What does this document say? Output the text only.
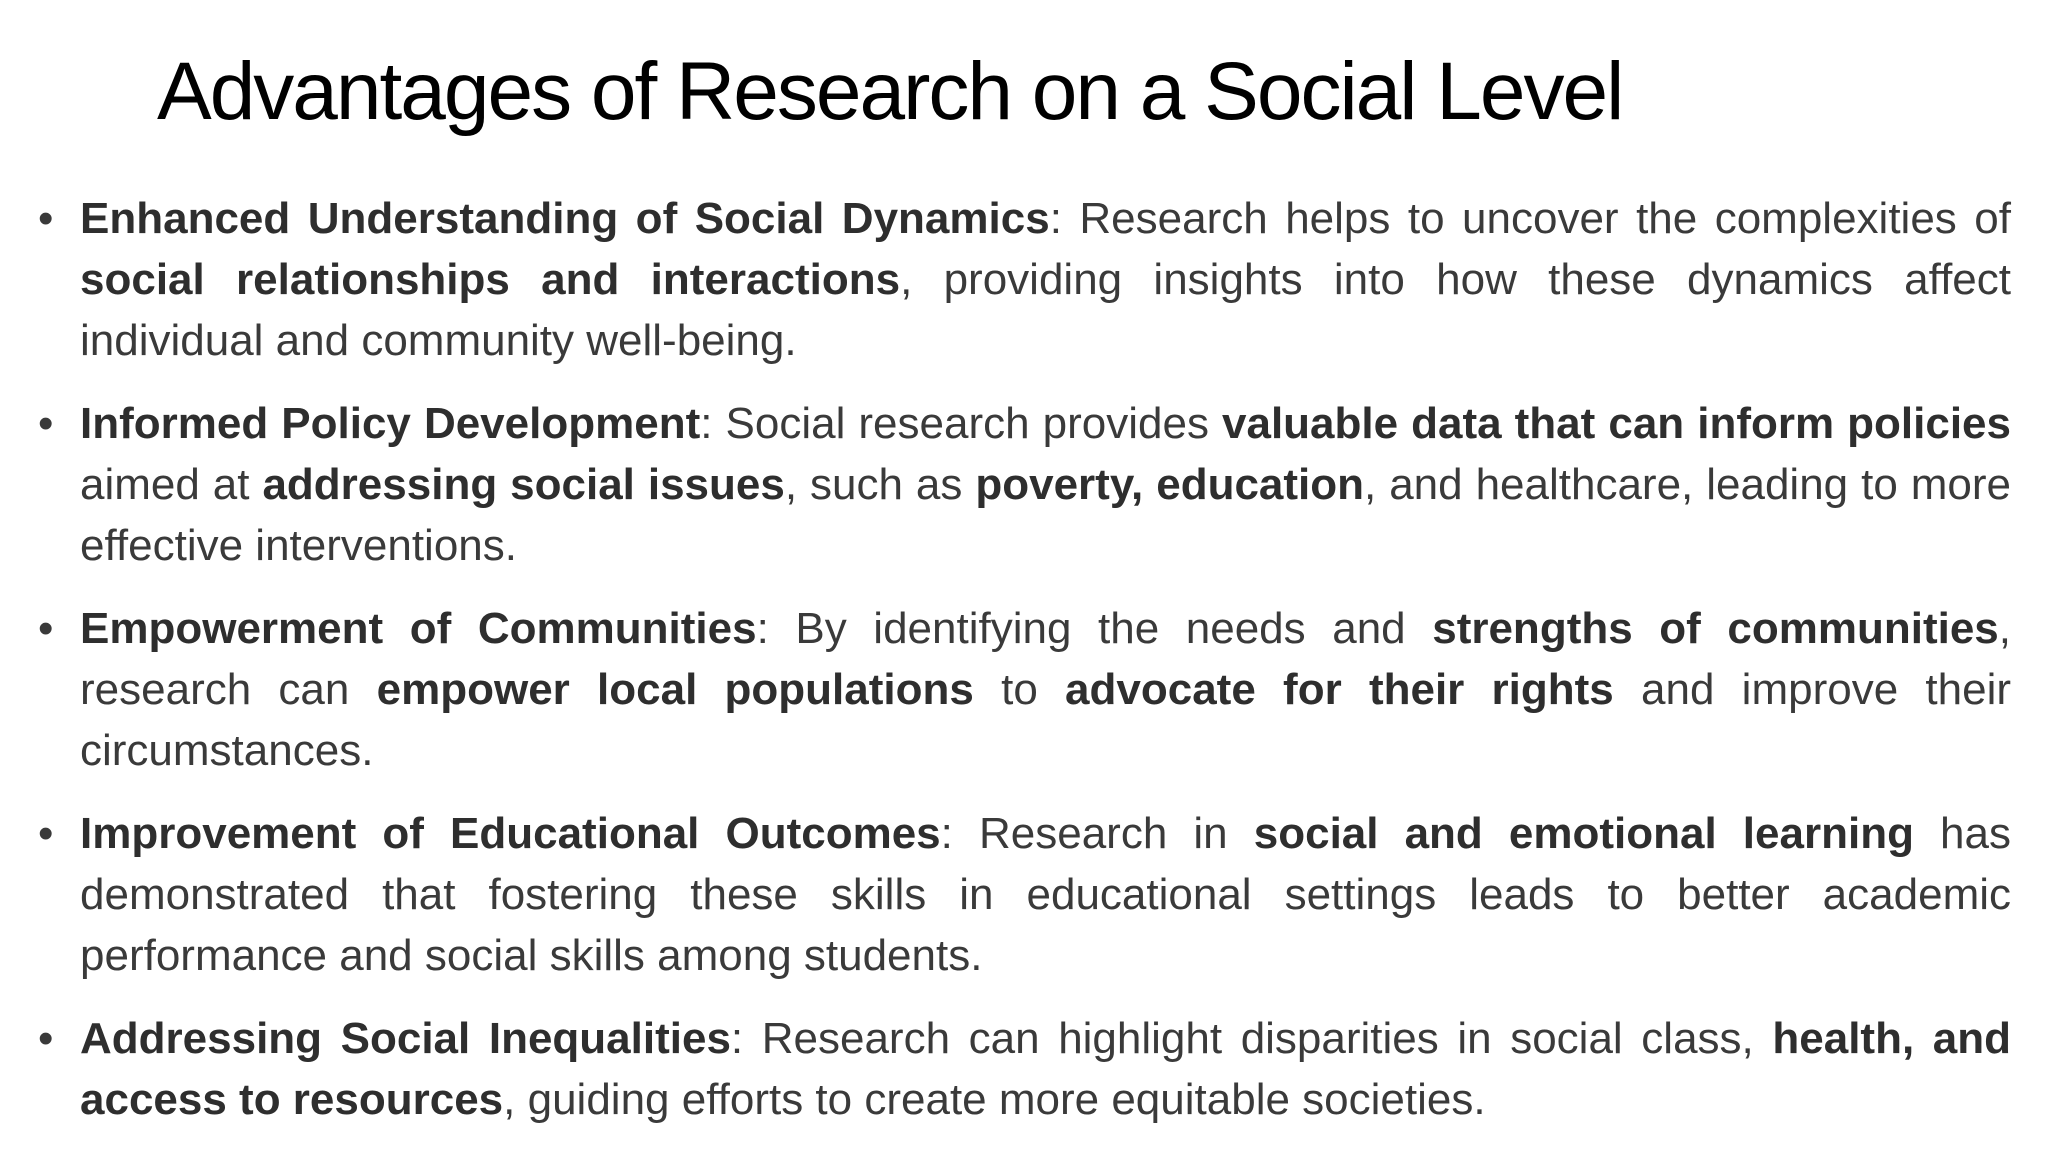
Advantages of Research on a Social Level
• Enhanced Understanding of Social Dynamics: Research helps to uncover the complexities of social relationships and interactions, providing insights into how these dynamics affect individual and community well-being.
• Informed Policy Development: Social research provides valuable data that can inform policies aimed at addressing social issues, such as poverty, education, and healthcare, leading to more effective interventions.
• Empowerment of Communities: By identifying the needs and strengths of communities, research can empower local populations to advocate for their rights and improve their circumstances.
• Improvement of Educational Outcomes: Research in social and emotional learning has demonstrated that fostering these skills in educational settings leads to better academic performance and social skills among students.
• Addressing Social Inequalities: Research can highlight disparities in social class, health, and access to resources, guiding efforts to create more equitable societies.
